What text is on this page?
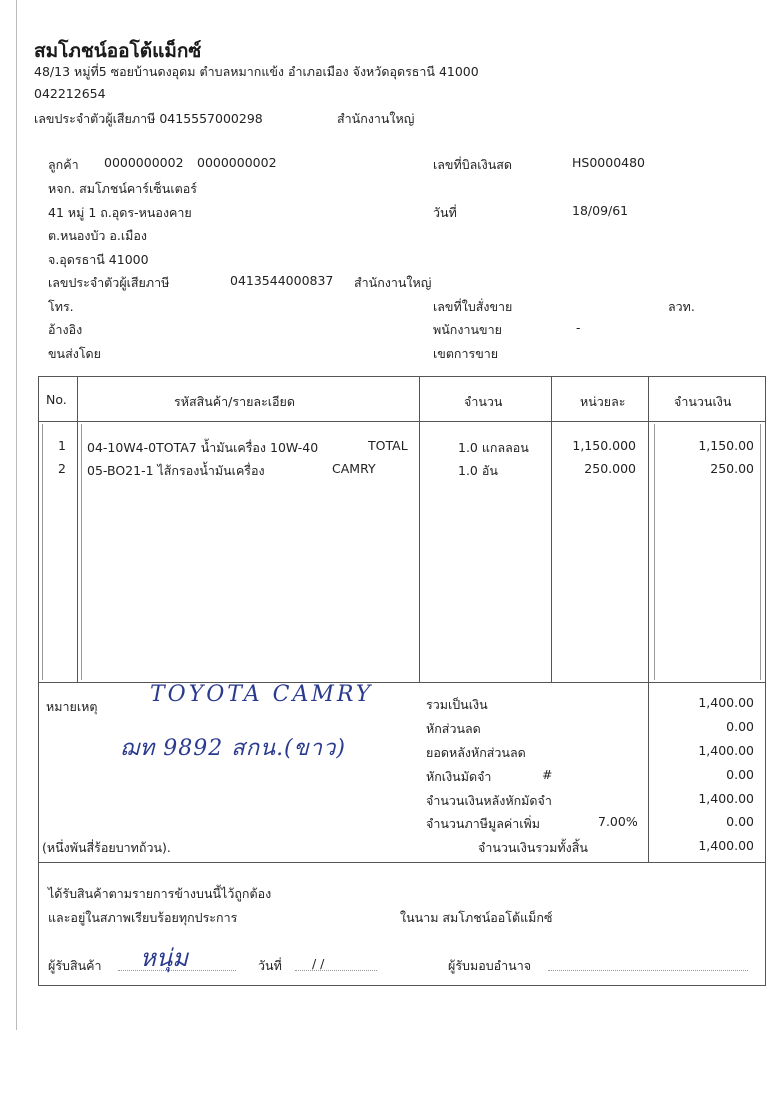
สมโภชน์ออโต้แม็กซ์
48/13 หมู่ที่5 ซอยบ้านดงอุดม ตำบลหมากแข้ง อำเภอเมือง จังหวัดอุดรธานี 41000
042212654
เลขประจำตัวผู้เสียภาษี 0415557000298	สำนักงานใหญ่
ลูกค้า 0000000002 0000000002
หจก. สมโภชน์คาร์เซ็นเตอร์
41 หมู่ 1 ถ.อุดร-หนองคาย
ต.หนองบัว อ.เมือง
จ.อุดรธานี 41000
เลขประจำตัวผู้เสียภาษี	0413544000837 สำนักงานใหญ่
โทร.
อ้างอิง
ขนส่งโดย
เลขที่บิลเงินสด	HS0000480
วันที่	18/09/61
เลขที่ใบสั่งขาย	ลวท.
พนักงานขาย	-
เขตการขาย
No.	รหัสสินค้า/รายละเอียด	จำนวน	หน่วยละ	จำนวนเงิน
1 04-10W4-0TOTA7 น้ำมันเครื่อง 10W-40	TOTAL	1.0 แกลลอน	1,150.000	1,150.00
2 05-BO21-1 ไส้กรองน้ำมันเครื่อง	CAMRY	1.0 อัน	250.000	250.00
หมายเหตุ TOYOTA CAMRY
ฌท 9892 สกน.(ขาว)
(หนึ่งพันสี่ร้อยบาทถ้วน).
รวมเป็นเงิน	1,400.00
หักส่วนลด	0.00
ยอดหลังหักส่วนลด	1,400.00
หักเงินมัดจำ	#	0.00
จำนวนเงินหลังหักมัดจำ	1,400.00
จำนวนภาษีมูลค่าเพิ่ม	7.00%	0.00
จำนวนเงินรวมทั้งสิ้น	1,400.00
ได้รับสินค้าตามรายการข้างบนนี้ไว้ถูกต้อง
และอยู่ในสภาพเรียบร้อยทุกประการ	ในนาม สมโภชน์ออโต้แม็กซ์
ผู้รับสินค้า หนุ่ม	วันที่ / /	ผู้รับมอบอำนาจ
